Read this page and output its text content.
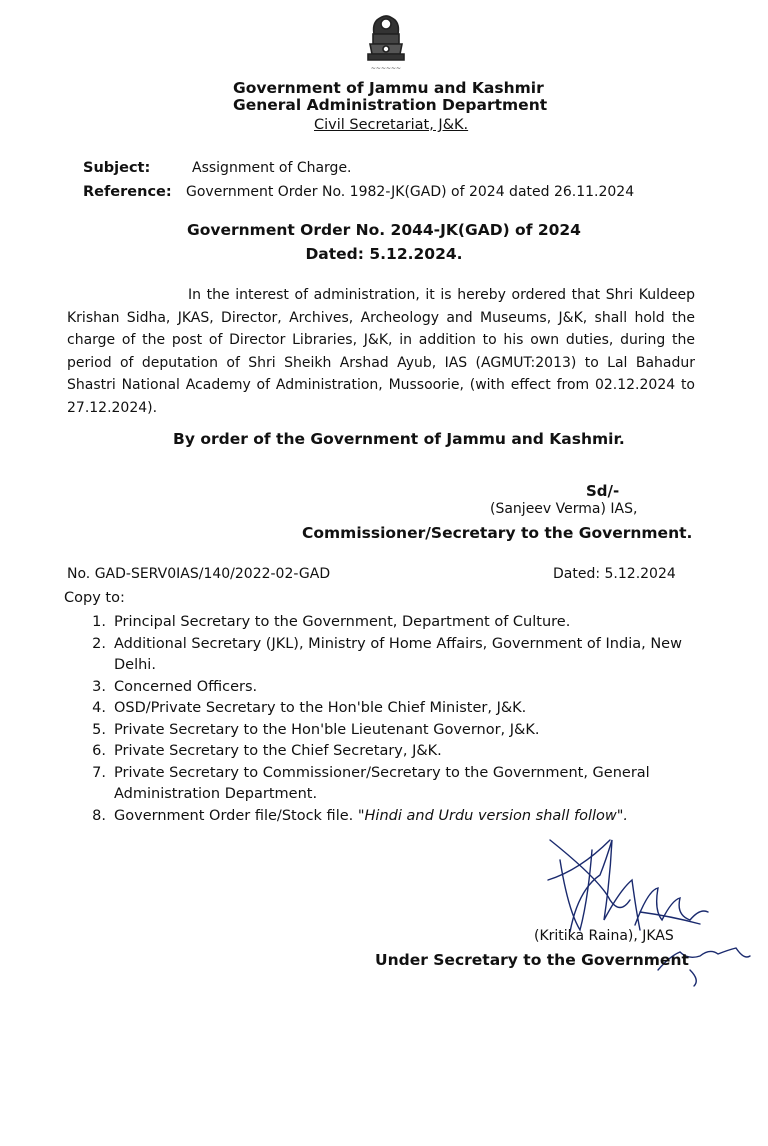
~~~~~~
Government of Jammu and Kashmir
General Administration Department
Civil Secretariat, J&K.
Subject:	Assignment of Charge.
Reference: Government Order No. 1982-JK(GAD) of 2024 dated 26.11.2024
Government Order No. 2044-JK(GAD) of 2024
Dated: 5.12.2024.
In the interest of administration, it is hereby ordered that Shri Kuldeep Krishan Sidha, JKAS, Director, Archives, Archeology and Museums, J&K, shall hold the charge of the post of Director Libraries, J&K, in addition to his own duties, during the period of deputation of Shri Sheikh Arshad Ayub, IAS (AGMUT:2013) to Lal Bahadur Shastri National Academy of Administration, Mussoorie, (with effect from 02.12.2024 to 27.12.2024).
By order of the Government of Jammu and Kashmir.
Sd/-
(Sanjeev Verma) IAS,
Commissioner/Secretary to the Government.
No. GAD-SERV0IAS/140/2022-02-GAD	Dated: 5.12.2024
Copy to:
1. Principal Secretary to the Government, Department of Culture.
2. Additional Secretary (JKL), Ministry of Home Affairs, Government of India, New Delhi.
3. Concerned Officers.
4. OSD/Private Secretary to the Hon'ble Chief Minister, J&K.
5. Private Secretary to the Hon'ble Lieutenant Governor, J&K.
6. Private Secretary to the Chief Secretary, J&K.
7. Private Secretary to Commissioner/Secretary to the Government, General Administration Department.
8. Government Order file/Stock file. "Hindi and Urdu version shall follow".
(Kritika Raina), JKAS
Under Secretary to the Government
